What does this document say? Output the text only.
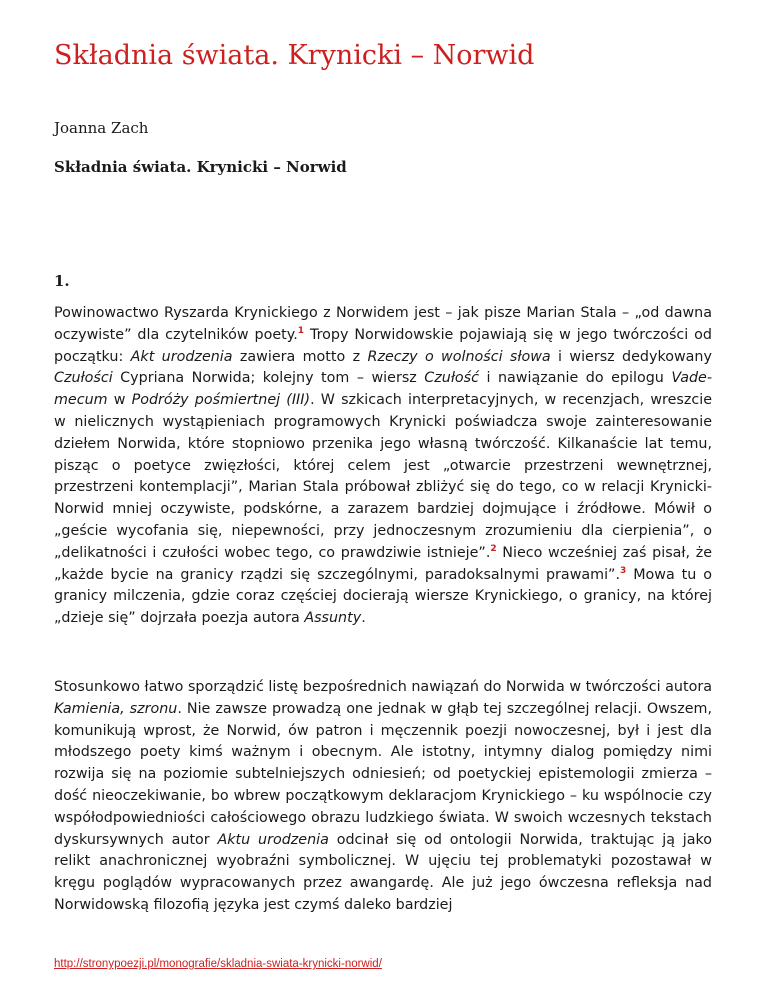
Składnia świata. Krynicki – Norwid
Joanna Zach
Składnia świata. Krynicki – Norwid
1.

Powinowactwo Ryszarda Krynickiego z Norwidem jest – jak pisze Marian Stala – „od dawna oczywiste” dla czytelników poety.$^1$ Tropy Norwidowskie pojawiają się w jego twórczości od początku: Akt urodzenia zawiera motto z Rzeczy o wolności słowa i wiersz dedykowany Czułości Cypriana Norwida; kolejny tom – wiersz Czułość i nawiązanie do epilogu Vade-mecum w Podróży pośmiertnej (III). W szkicach interpretacyjnych, w recenzjach, wreszcie w nielicznych wystąpieniach programowych Krynicki poświadcza swoje zainteresowanie dziełem Norwida, które stopniowo przenika jego własną twórczość. Kilkanaście lat temu, pisząc o poetyce zwięzłości, której celem jest „otwarcie przestrzeni wewnętrznej, przestrzeni kontemplacji”, Marian Stala próbował zbliżyć się do tego, co w relacji Krynicki-Norwid mniej oczywiste, podskórne, a zarazem bardziej dojmujące i źródłowe. Mówił o „geście wycofania się, niepewności, przy jednoczesnym zrozumieniu dla cierpienia”, o „delikatności i czułości wobec tego, co prawdziwie istnieje”.$^2$ Nieco wcześniej zaś pisał, że „każde bycie na granicy rządzi się szczególnymi, paradoksalnymi prawami”.$^3$ Mowa tu o granicy milczenia, gdzie coraz częściej docierają wiersze Krynickiego, o granicy, na której „dzieje się” dojrzała poezja autora Assunty.

Stosunkowo łatwo sporządzić listę bezpośrednich nawiązań do Norwida w twórczości autora Kamienia, szronu. Nie zawsze prowadzą one jednak w głąb tej szczególnej relacji. Owszem, komunikują wprost, że Norwid, ów patron i męczennik poezji nowoczesnej, był i jest dla młodszego poety kimś ważnym i obecnym. Ale istotny, intymny dialog pomiędzy nimi rozwija się na poziomie subtelniejszych odniesień; od poetyckiej epistemologii zmierza – dość nieoczekiwanie, bo wbrew początkowym deklaracjom Krynickiego – ku wspólnocie czy współodpowiedniości całościowego obrazu ludzkiego świata. W swoich wczesnych tekstach dyskursywnych autor Aktu urodzenia odcinał się od ontologii Norwida, traktując ją jako relikt anachronicznej wyobraźni symbolicznej. W ujęciu tej problematyki pozostawał w kręgu poglądów wypracowanych przez awangardę. Ale już jego ówczesna refleksja nad Norwidowską filozofią języka jest czymś daleko bardziej

http://stronypoezji.pl/monografie/skladnia-swiata-krynicki-norwid/
